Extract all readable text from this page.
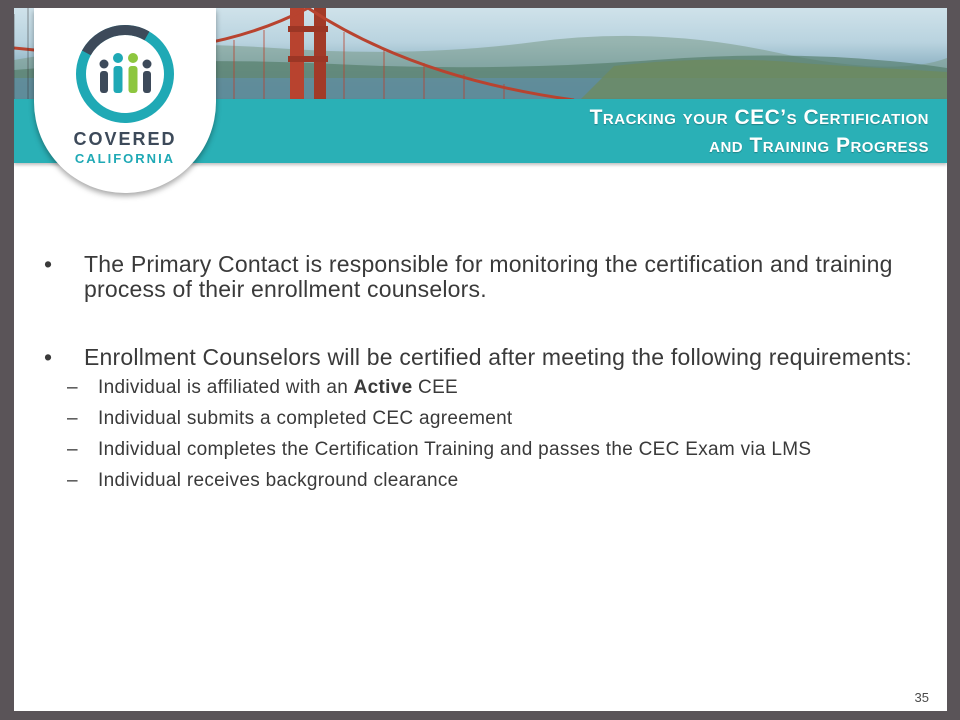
Tracking your CEC’s Certification
and Training Progress
COVERED
CALIFORNIA
• The Primary Contact is responsible for monitoring the certification and training process of their enrollment counselors.
• Enrollment Counselors will be certified after meeting the following requirements:
– Individual is affiliated with an Active CEE
– Individual submits a completed CEC agreement
– Individual completes the Certification Training and passes the CEC Exam via LMS
– Individual receives background clearance
35
